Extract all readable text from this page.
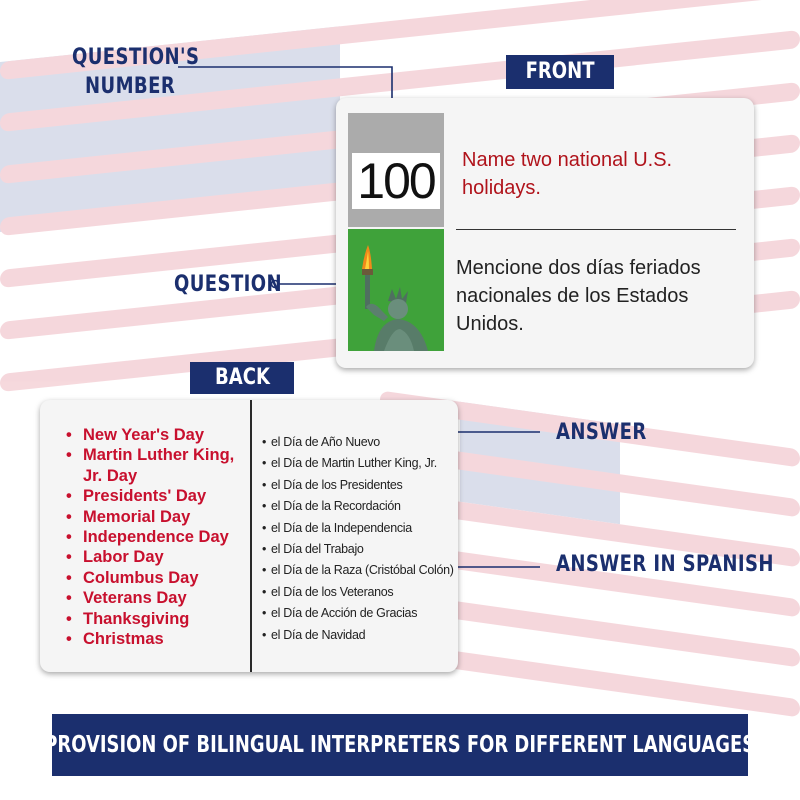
QUESTION'S
NUMBER
QUESTION
ANSWER
ANSWER IN SPANISH
FRONT
BACK
100 Name two national U.S. holidays.
Mencione dos días feriados nacionales de los Estados Unidos.
• New Year's Day
• Martin Luther King, Jr. Day
• Presidents' Day
• Memorial Day
• Independence Day
• Labor Day
• Columbus Day
• Veterans Day
• Thanksgiving
• Christmas
• el Día de Año Nuevo
• el Día de Martin Luther King, Jr.
• el Día de los Presidentes
• el Día de la Recordación
• el Día de la Independencia
• el Día del Trabajo
• el Día de la Raza (Cristóbal Colón)
• el Día de los Veteranos
• el Día de Acción de Gracias
• el Día de Navidad
PROVISION OF BILINGUAL INTERPRETERS FOR DIFFERENT LANGUAGES
